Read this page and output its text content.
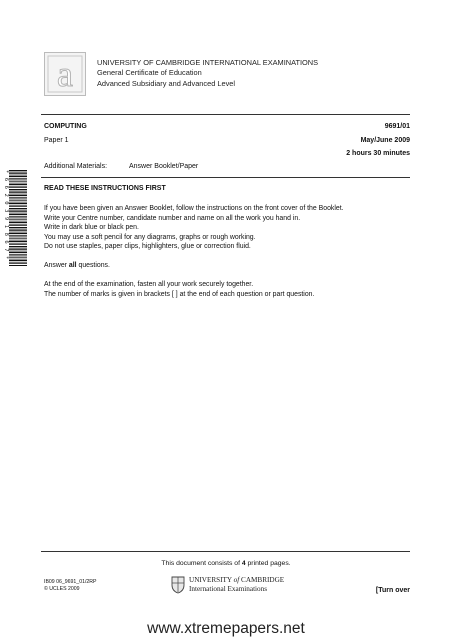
a	UNIVERSITY OF CAMBRIDGE INTERNATIONAL EXAMINATIONS
General Certificate of Education
Advanced Subsidiary and Advanced Level
COMPUTING	9691/01
Paper 1	May/June 2009
2 hours 30 minutes
Additional Materials:	Answer Booklet/Paper
* 6 6 2 0 3 9 1 8 6 7 *	READ THESE INSTRUCTIONS FIRST
If you have been given an Answer Booklet, follow the instructions on the front cover of the Booklet.
Write your Centre number, candidate number and name on all the work you hand in.
Write in dark blue or black pen.
You may use a soft pencil for any diagrams, graphs or rough working.
Do not use staples, paper clips, highlighters, glue or correction fluid.
Answer all questions.
At the end of the examination, fasten all your work securely together.
The number of marks is given in brackets [ ] at the end of each question or part question.
This document consists of 4 printed pages.
IB09 06_9691_01/2RP
© UCLES 2009
UNIVERSITY of CAMBRIDGE
International Examinations	[Turn over
www.xtremepapers.net
